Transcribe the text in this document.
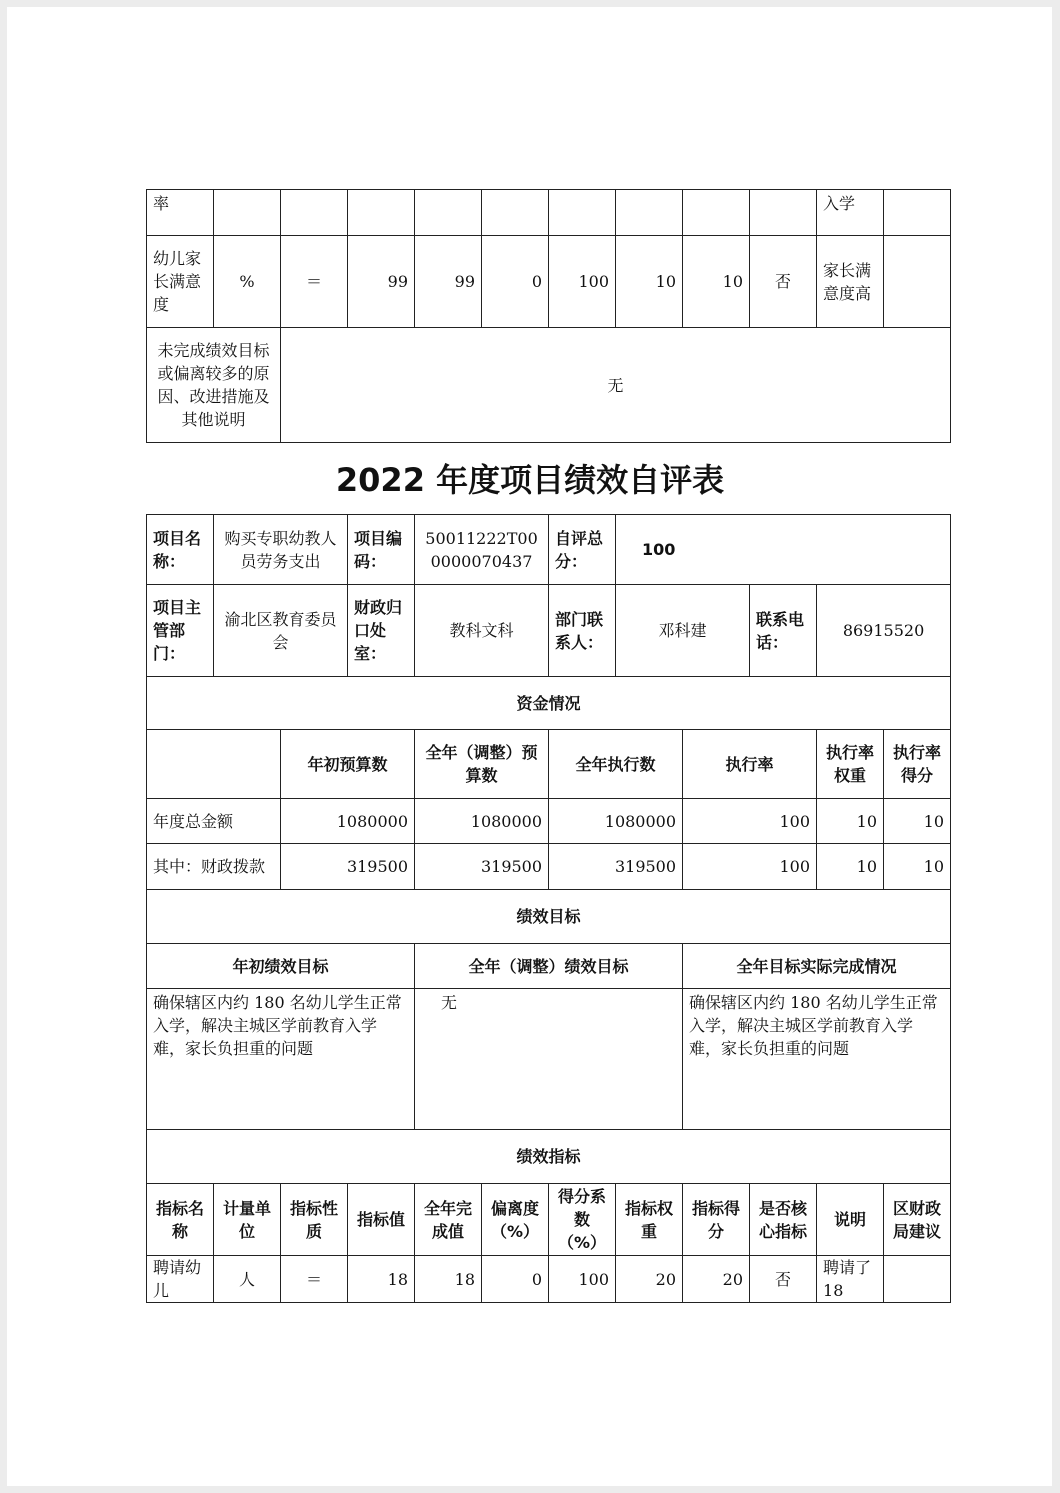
率										入学	
幼儿家长满意度	%	＝	99	99	0	100	10	10	否	家长满意度高	
未完成绩效目标或偏离较多的原因、改进措施及其他说明		无									
2022 年度项目绩效自评表
项目名称：	购买专职幼教人员劳务支出		项目编码：	50011222T000000070437		自评总分：	100				
项目主管部门：	渝北区教育委员会		财政归口处室：	教科文科		部门联系人：	邓科建		联系电话：	86915520	
资金情况											
		年初预算数		全年（调整）预算数		全年执行数		执行率		执行率权重	执行率得分
年度总金额		1080000		1080000		1080000		100		10	10
其中：财政拨款		319500		319500		319500		100		10	10
绩效目标											
年初绩效目标				全年（调整）绩效目标				全年目标实际完成情况			
确保辖区内约 180 名幼儿学生正常入学，解决主城区学前教育入学难，家长负担重的问题				无				确保辖区内约 180 名幼儿学生正常入学，解决主城区学前教育入学难，家长负担重的问题			
绩效指标											
指标名称	计量单位	指标性质	指标值	全年完成值	偏离度（%）	得分系数（%）	指标权重	指标得分	是否核心指标	说明	区财政局建议
聘请幼儿	人	＝	18	18	0	100	20	20	否	聘请了 18	
